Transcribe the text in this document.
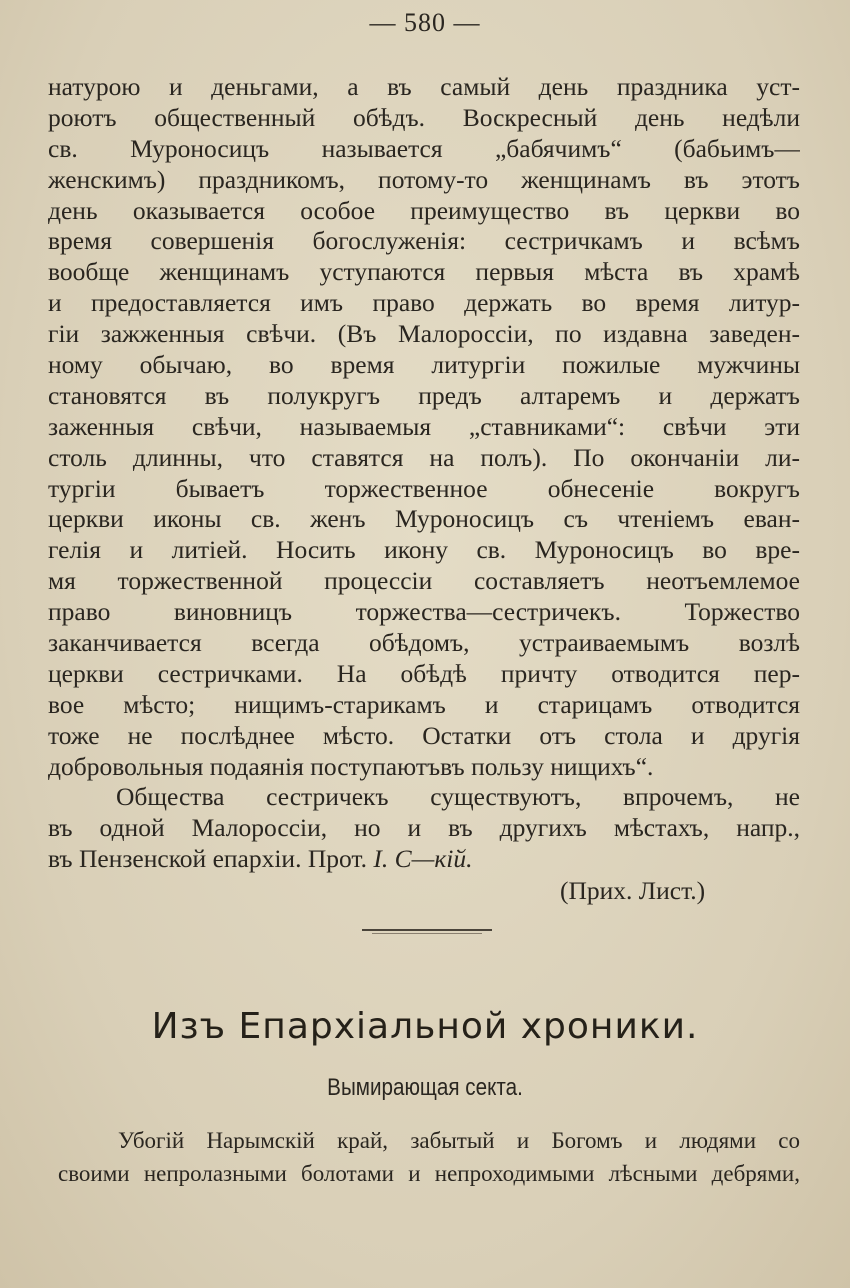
— 580 —
натурою и деньгами, а въ самый день праздника уст-
роютъ общественный обѣдъ. Воскресный день недѣли
св. Муроносицъ называется „бабячимъ“ (бабьимъ—
женскимъ) праздникомъ, потому-то женщинамъ въ этотъ
день оказывается особое преимущество въ церкви во
время совершенія богослуженія: сестричкамъ и всѣмъ
вообще женщинамъ уступаются первыя мѣста въ храмѣ
и предоставляется имъ право держать во время литур-
гіи зажженныя свѣчи. (Въ Малороссіи, по издавна заведен-
ному обычаю, во время литургіи пожилые мужчины
становятся въ полукругъ предъ алтаремъ и держатъ
заженныя свѣчи, называемыя „ставниками“: свѣчи эти
столь длинны, что ставятся на полъ). По окончаніи ли-
тургіи бываетъ торжественное обнесеніе вокругъ
церкви иконы св. женъ Муроносицъ съ чтеніемъ еван-
гелія и литіей. Носить икону св. Муроносицъ во вре-
мя торжественной процессіи составляетъ неотъемлемое
право виновницъ торжества—сестричекъ. Торжество
заканчивается всегда обѣдомъ, устраиваемымъ возлѣ
церкви сестричками. На обѣдѣ причту отводится пер-
вое мѣсто; нищимъ-старикамъ и старицамъ отводится
тоже не послѣднее мѣсто. Остатки отъ стола и другія
добровольныя подаянія поступаютъвъ пользу нищихъ“.
Общества сестричекъ существуютъ, впрочемъ, не
въ одной Малороссіи, но и въ другихъ мѣстахъ, напр.,
въ Пензенской епархіи. Прот. І. С—кій.
(Прих. Лист.)
Изъ Епархіальной хроники.
Вымирающая секта.
Убогій Нарымскій край, забытый и Богомъ и людями со
своими непролазными болотами и непроходимыми лѣсными дебрями,
